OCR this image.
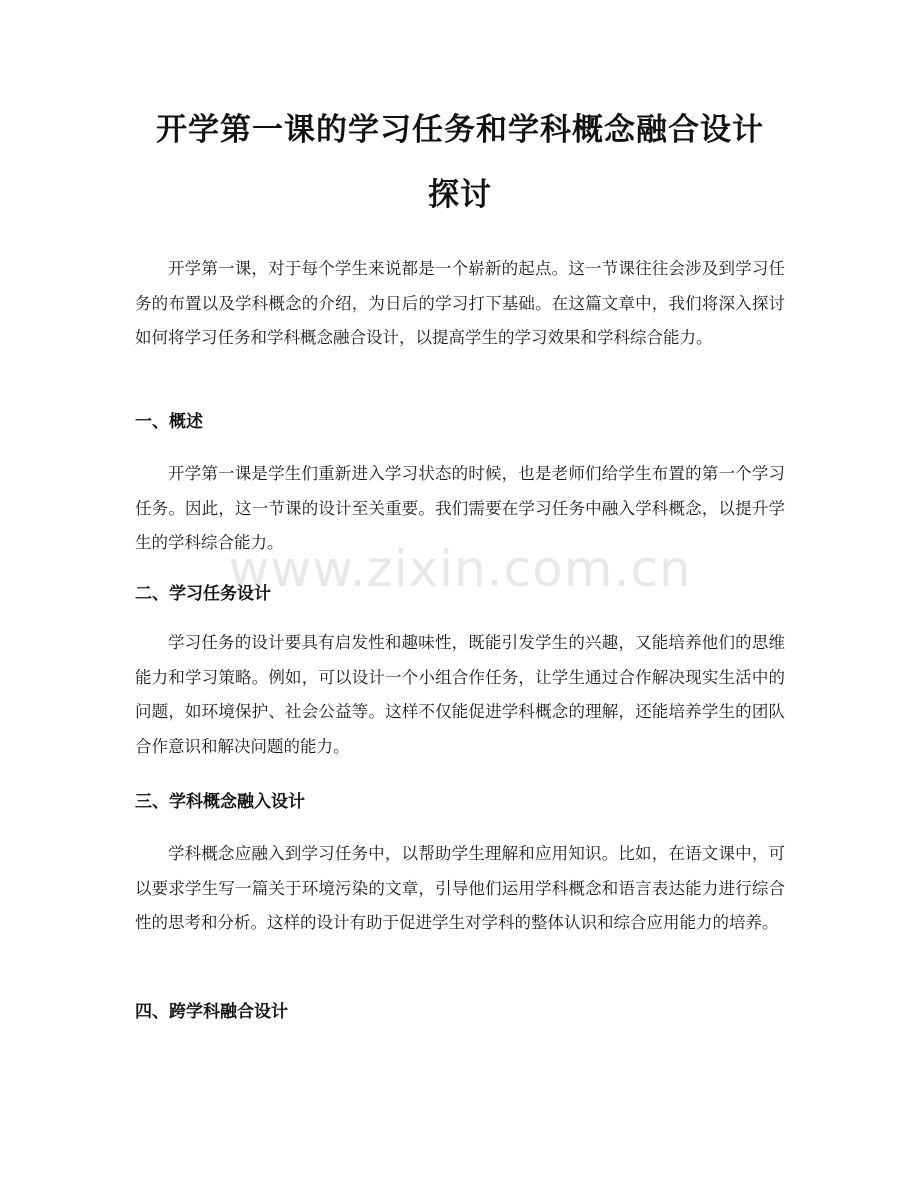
开学第一课的学习任务和学科概念融合设计
探讨

开学第一课，对于每个学生来说都是一个崭新的起点。这一节课往往会涉及到学习任务的布置以及学科概念的介绍，为日后的学习打下基础。在这篇文章中，我们将深入探讨如何将学习任务和学科概念融合设计，以提高学生的学习效果和学科综合能力。

一、概述

开学第一课是学生们重新进入学习状态的时候，也是老师们给学生布置的第一个学习任务。因此，这一节课的设计至关重要。我们需要在学习任务中融入学科概念，以提升学生的学科综合能力。

二、学习任务设计

学习任务的设计要具有启发性和趣味性，既能引发学生的兴趣，又能培养他们的思维能力和学习策略。例如，可以设计一个小组合作任务，让学生通过合作解决现实生活中的问题，如环境保护、社会公益等。这样不仅能促进学科概念的理解，还能培养学生的团队合作意识和解决问题的能力。

三、学科概念融入设计

学科概念应融入到学习任务中，以帮助学生理解和应用知识。比如，在语文课中，可以要求学生写一篇关于环境污染的文章，引导他们运用学科概念和语言表达能力进行综合性的思考和分析。这样的设计有助于促进学生对学科的整体认识和综合应用能力的培养。

四、跨学科融合设计
www.zixin.com.cn
